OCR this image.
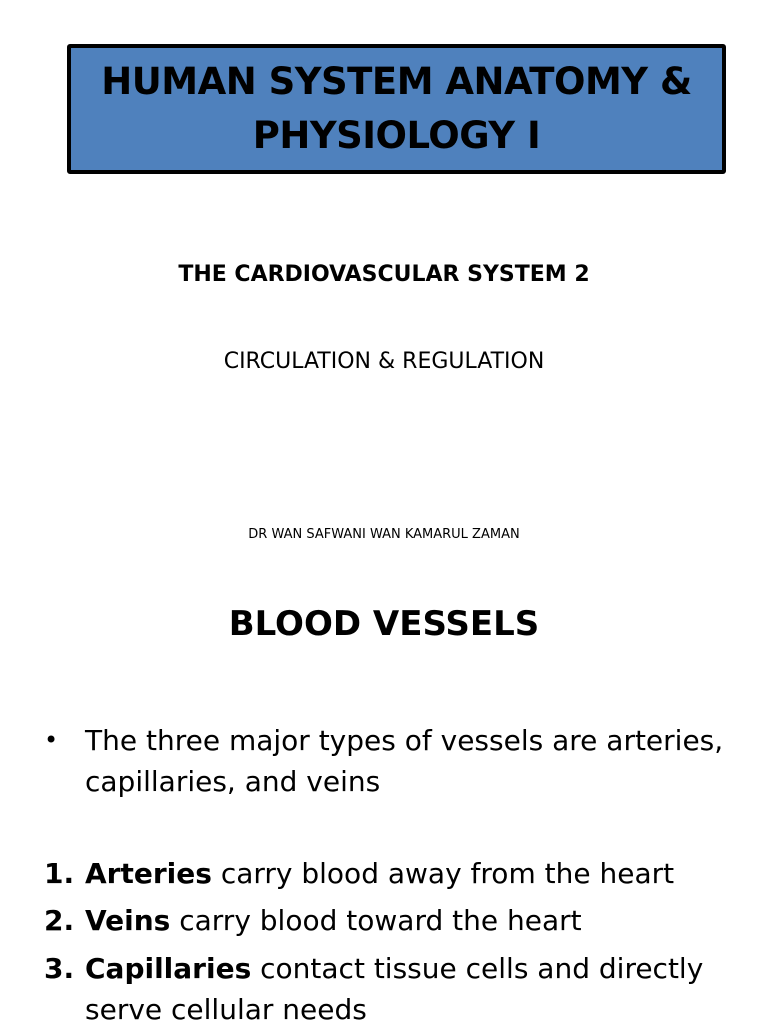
HUMAN SYSTEM ANATOMY & PHYSIOLOGY I
THE CARDIOVASCULAR SYSTEM 2
CIRCULATION & REGULATION
DR WAN SAFWANI WAN KAMARUL ZAMAN
BLOOD VESSELS
• The three major types of vessels are arteries, capillaries, and veins
1. Arteries carry blood away from the heart
2. Veins carry blood toward the heart
3. Capillaries contact tissue cells and directly serve cellular needs
